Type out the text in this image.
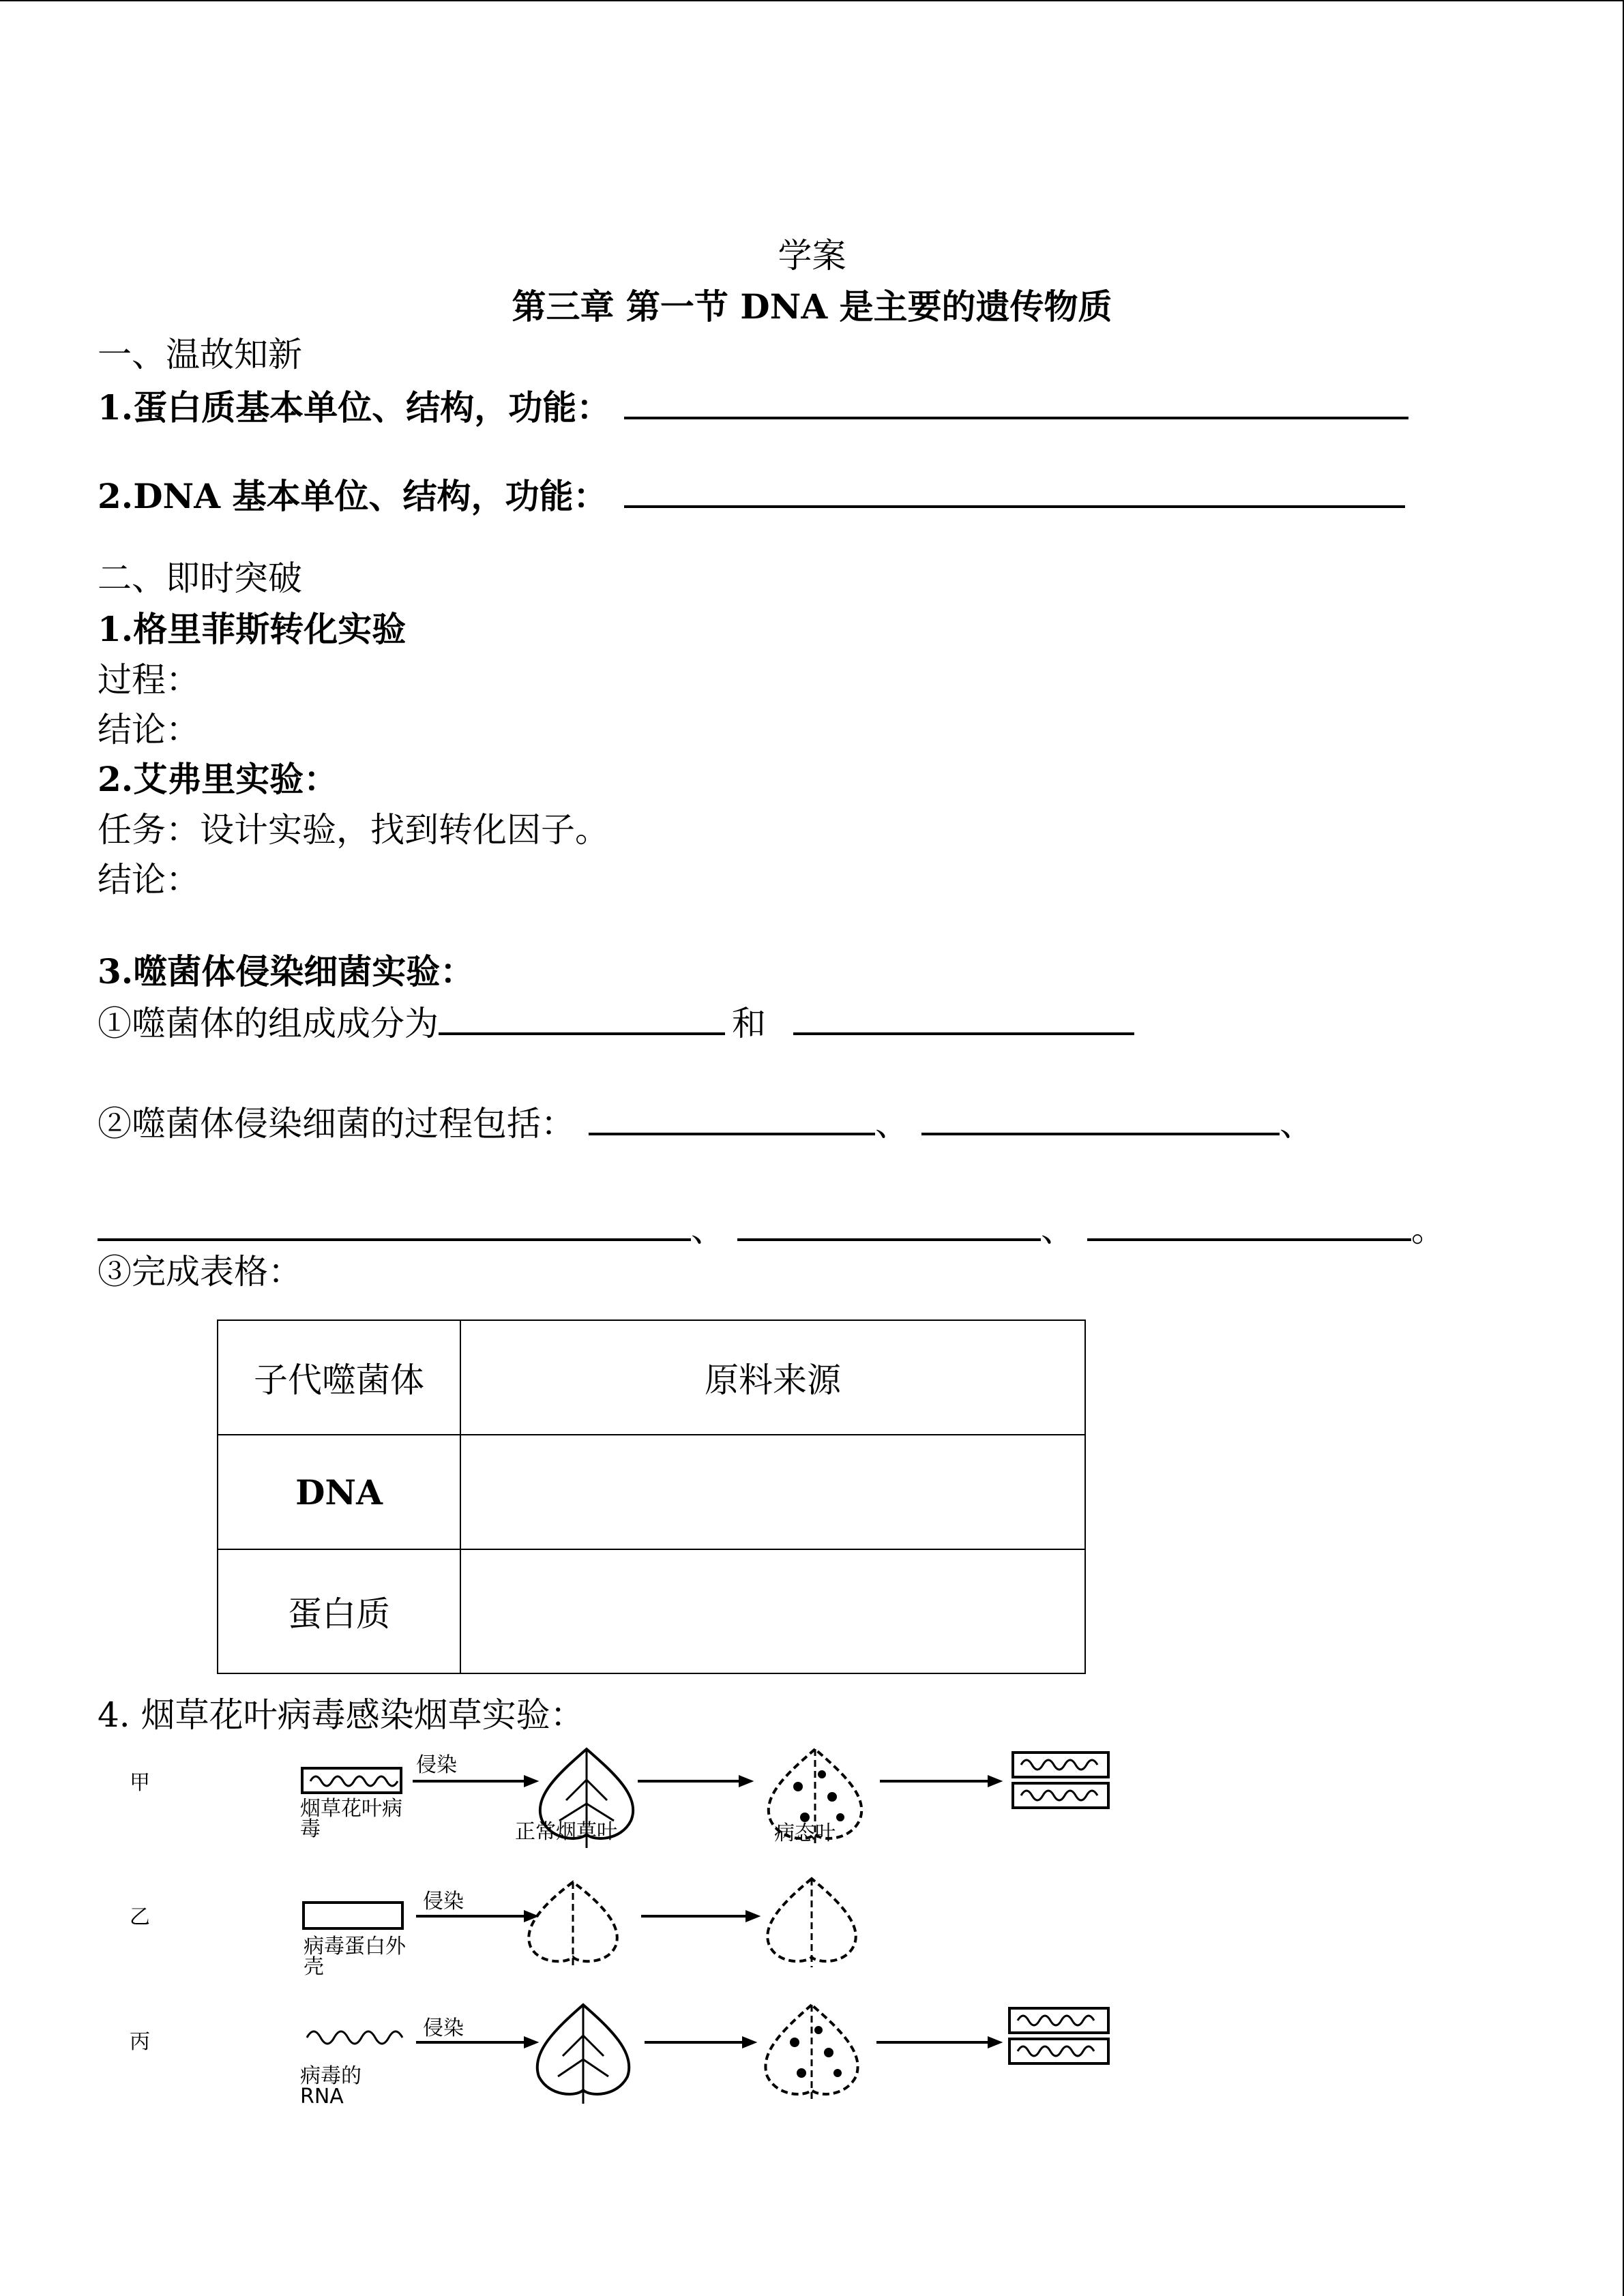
学案
第三章 第一节 DNA 是主要的遗传物质
一、温故知新
1.蛋白质基本单位、结构，功能：
2.DNA 基本单位、结构，功能：
二、即时突破
1.格里菲斯转化实验
过程：
结论：
2.艾弗里实验：
任务：设计实验，找到转化因子。
结论：
3.噬菌体侵染细菌实验：
①噬菌体的组成成分为	和
②噬菌体侵染细菌的过程包括：	、	、
、	、	。
③完成表格：
子代噬菌体	原料来源
DNA	
蛋白质	
4. 烟草花叶病毒感染烟草实验：
甲
烟草花叶病毒
侵染
正常烟草叶	病态叶
乙
病毒蛋白外壳
侵染
丙
病毒的RNA
侵染
